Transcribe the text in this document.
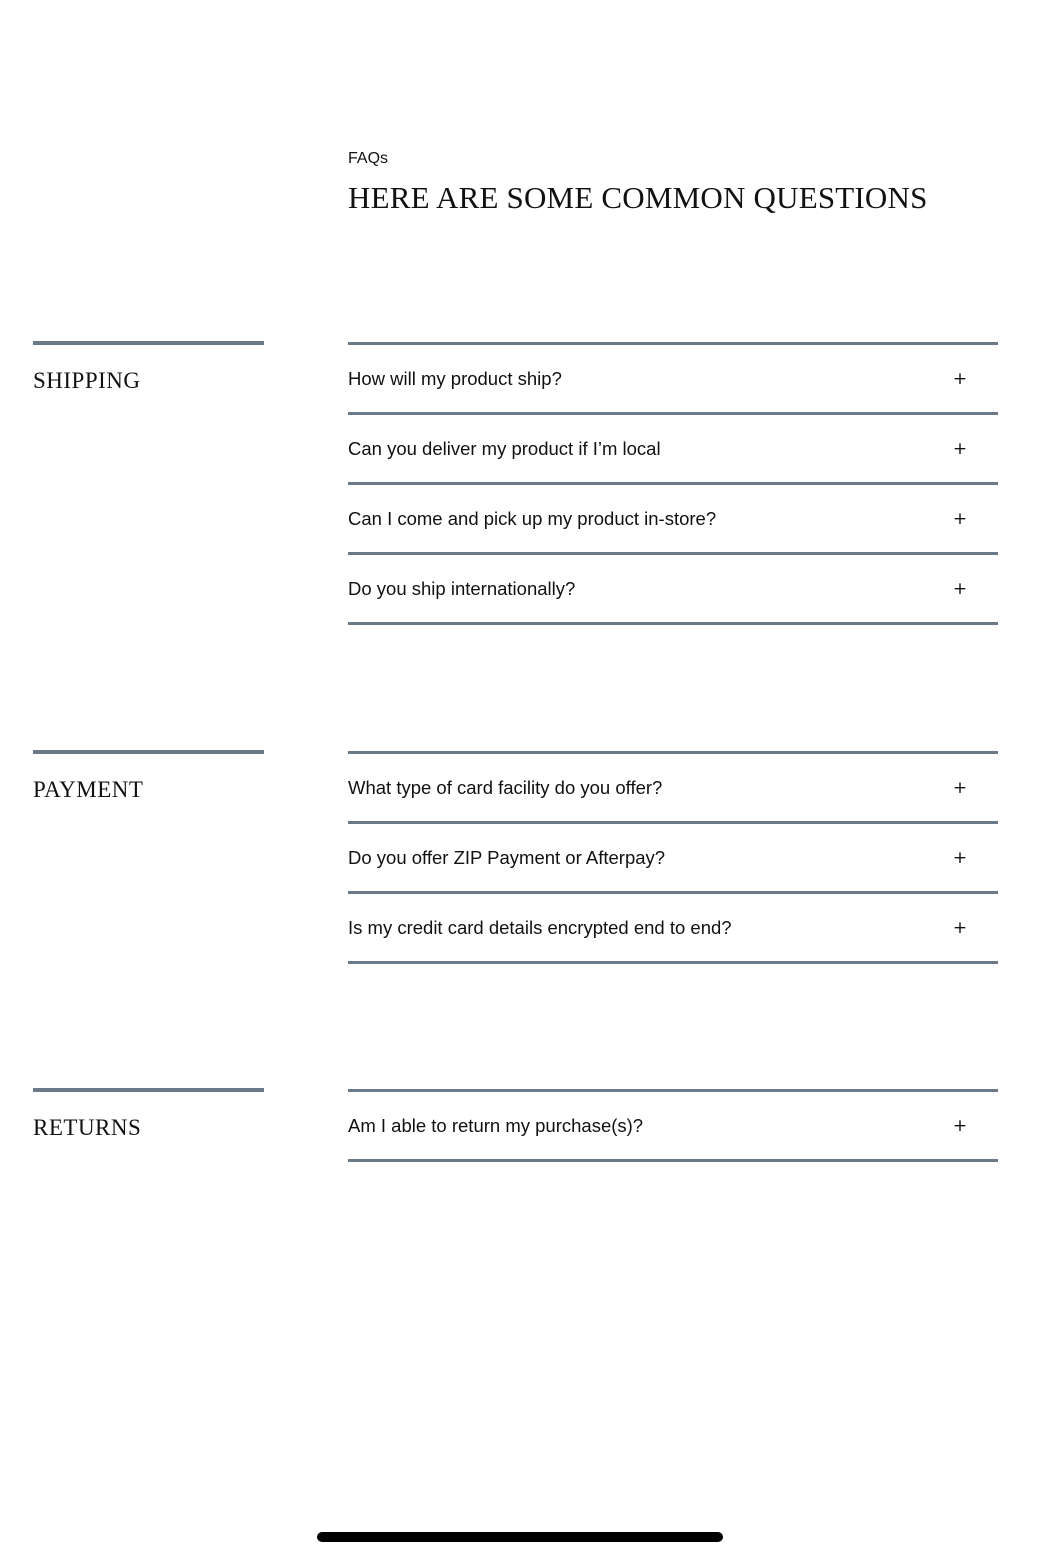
FAQs

HERE ARE SOME COMMON QUESTIONS
SHIPPING	How will my product ship?	+
Can you deliver my product if I’m local	+
Can I come and pick up my product in-store?	+
Do you ship internationally?	+
PAYMENT	What type of card facility do you offer?	+
Do you offer ZIP Payment or Afterpay?	+
Is my credit card details encrypted end to end?	+
RETURNS	Am I able to return my purchase(s)?	+
